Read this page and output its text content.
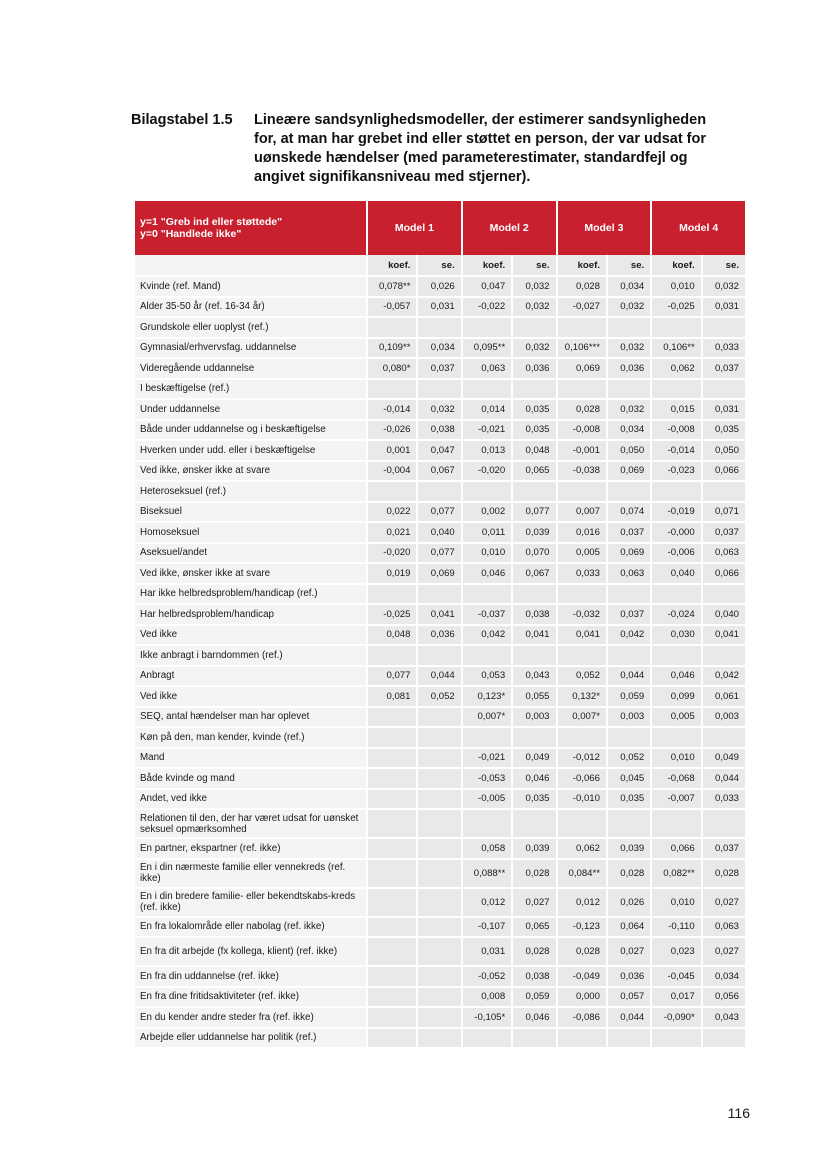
Bilagstabel 1.5	Lineære sandsynlighedsmodeller, der estimerer sandsynligheden for, at man har grebet ind eller støttet en person, der var udsat for uønskede hændelser (med parameterestimater, standardfejl og angivet signifikansniveau med stjerner).
y=1 "Greb ind eller støttede"
y=0 "Handlede ikke"	Model 1		Model 2		Model 3		Model 4	
	koef.	se.	koef.	se.	koef.	se.	koef.	se.
Kvinde (ref. Mand)	0,078**	0,026	0,047	0,032	0,028	0,034	0,010	0,032
Alder 35-50 år (ref. 16-34 år)	-0,057	0,031	-0,022	0,032	-0,027	0,032	-0,025	0,031
Grundskole eller uoplyst (ref.)								
Gymnasial/erhvervsfag. uddannelse	0,109**	0,034	0,095**	0,032	0,106***	0,032	0,106**	0,033
Videregående uddannelse	0,080*	0,037	0,063	0,036	0,069	0,036	0,062	0,037
I beskæftigelse (ref.)								
Under uddannelse	-0,014	0,032	0,014	0,035	0,028	0,032	0,015	0,031
Både under uddannelse og i beskæftigelse	-0,026	0,038	-0,021	0,035	-0,008	0,034	-0,008	0,035
Hverken under udd. eller i beskæftigelse	0,001	0,047	0,013	0,048	-0,001	0,050	-0,014	0,050
Ved ikke, ønsker ikke at svare	-0,004	0,067	-0,020	0,065	-0,038	0,069	-0,023	0,066
Heteroseksuel (ref.)								
Biseksuel	0,022	0,077	0,002	0,077	0,007	0,074	-0,019	0,071
Homoseksuel	0,021	0,040	0,011	0,039	0,016	0,037	-0,000	0,037
Aseksuel/andet	-0,020	0,077	0,010	0,070	0,005	0,069	-0,006	0,063
Ved ikke, ønsker ikke at svare	0,019	0,069	0,046	0,067	0,033	0,063	0,040	0,066
Har ikke helbredsproblem/handicap (ref.)								
Har helbredsproblem/handicap	-0,025	0,041	-0,037	0,038	-0,032	0,037	-0,024	0,040
Ved ikke	0,048	0,036	0,042	0,041	0,041	0,042	0,030	0,041
Ikke anbragt i barndommen (ref.)								
Anbragt	0,077	0,044	0,053	0,043	0,052	0,044	0,046	0,042
Ved ikke	0,081	0,052	0,123*	0,055	0,132*	0,059	0,099	0,061
SEQ, antal hændelser man har oplevet			0,007*	0,003	0,007*	0,003	0,005	0,003
Køn på den, man kender, kvinde (ref.)								
Mand			-0,021	0,049	-0,012	0,052	0,010	0,049
Både kvinde og mand			-0,053	0,046	-0,066	0,045	-0,068	0,044
Andet, ved ikke			-0,005	0,035	-0,010	0,035	-0,007	0,033
Relationen til den, der har været udsat for uønsket seksuel opmærksomhed								
En partner, ekspartner (ref. ikke)			0,058	0,039	0,062	0,039	0,066	0,037
En i din nærmeste familie eller vennekreds (ref. ikke)			0,088**	0,028	0,084**	0,028	0,082**	0,028
En i din bredere familie- eller bekendtskabs-kreds (ref. ikke)			0,012	0,027	0,012	0,026	0,010	0,027
En fra lokalområde eller nabolag (ref. ikke)			-0,107	0,065	-0,123	0,064	-0,110	0,063
En fra dit arbejde (fx kollega, klient) (ref. ikke)			0,031	0,028	0,028	0,027	0,023	0,027
En fra din uddannelse (ref. ikke)			-0,052	0,038	-0,049	0,036	-0,045	0,034
En fra dine fritidsaktiviteter (ref. ikke)			0,008	0,059	0,000	0,057	0,017	0,056
En du kender andre steder fra (ref. ikke)			-0,105*	0,046	-0,086	0,044	-0,090*	0,043
Arbejde eller uddannelse har politik (ref.)								
116
